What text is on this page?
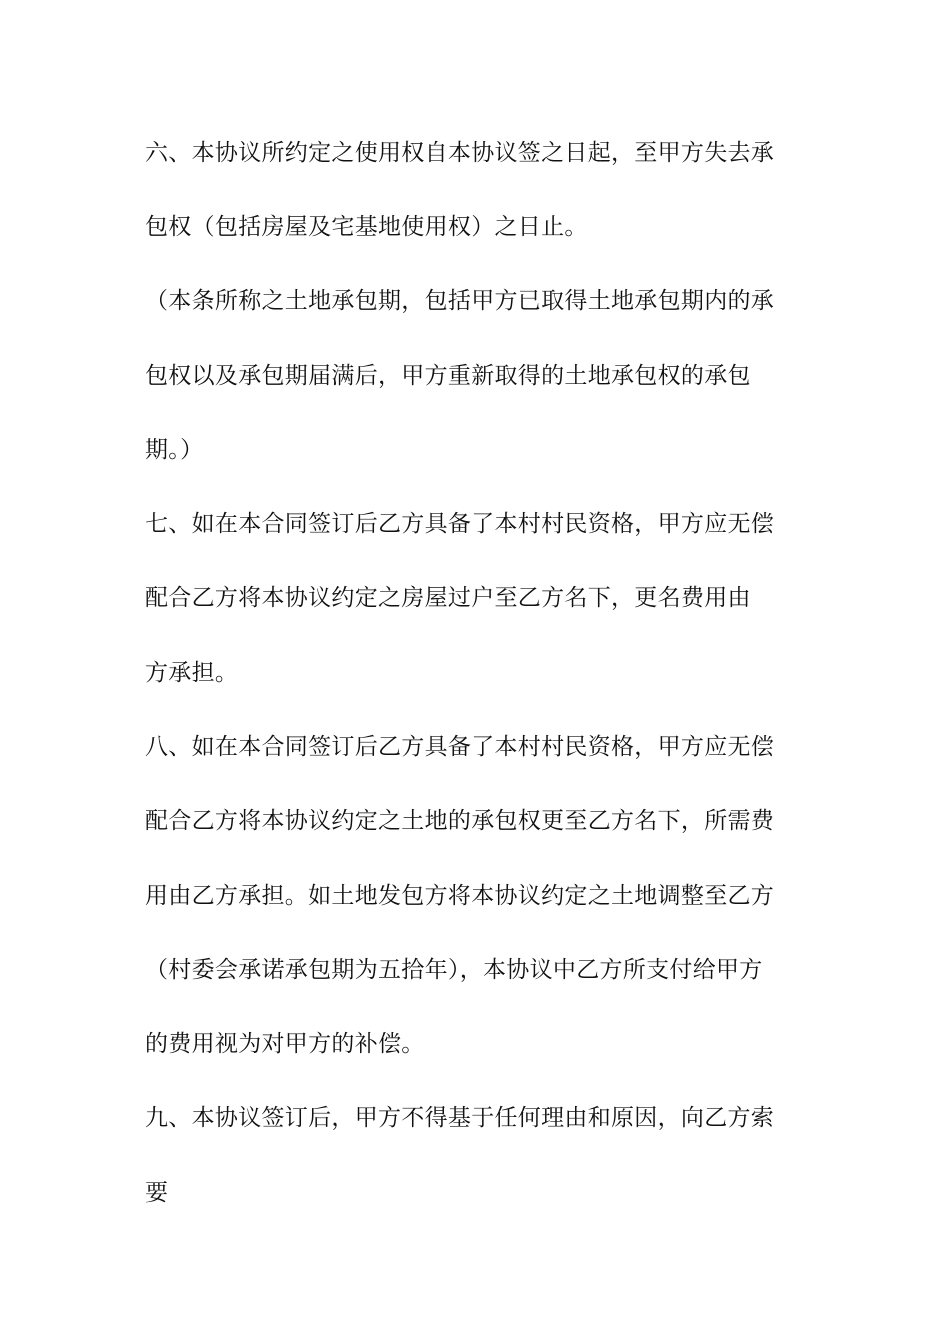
六、本协议所约定之使用权自本协议签之日起，至甲方失去承
包权（包括房屋及宅基地使用权）之日止。
（本条所称之土地承包期，包括甲方已取得土地承包期内的承
包权以及承包期届满后，甲方重新取得的土地承包权的承包
期。）
七、如在本合同签订后乙方具备了本村村民资格，甲方应无偿
配合乙方将本协议约定之房屋过户至乙方名下，更名费用由
方承担。
八、如在本合同签订后乙方具备了本村村民资格，甲方应无偿
配合乙方将本协议约定之土地的承包权更至乙方名下，所需费
用由乙方承担。如土地发包方将本协议约定之土地调整至乙方
（村委会承诺承包期为五拾年），本协议中乙方所支付给甲方
的费用视为对甲方的补偿。
九、本协议签订后，甲方不得基于任何理由和原因，向乙方索
要
